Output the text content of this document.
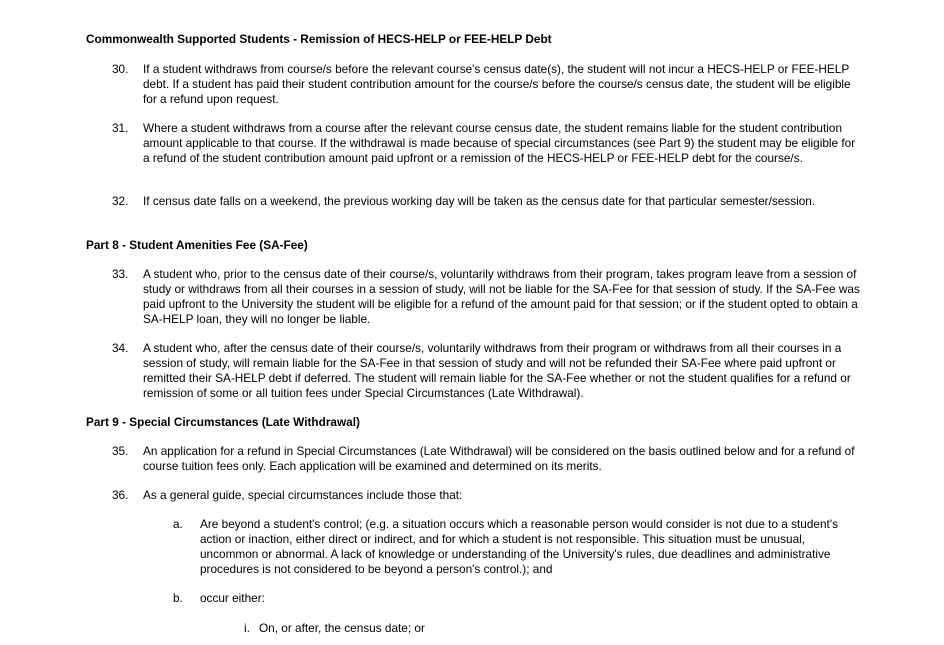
Commonwealth Supported Students - Remission of HECS-HELP or FEE-HELP Debt
30.	If a student withdraws from course/s before the relevant course's census date(s), the student will not incur a HECS-HELP or FEE-HELP debt. If a student has paid their student contribution amount for the course/s before the course/s census date, the student will be eligible for a refund upon request.
31.	Where a student withdraws from a course after the relevant course census date, the student remains liable for the student contribution amount applicable to that course. If the withdrawal is made because of special circumstances (see Part 9) the student may be eligible for a refund of the student contribution amount paid upfront or a remission of the HECS-HELP or FEE-HELP debt for the course/s.
32.	If census date falls on a weekend, the previous working day will be taken as the census date for that particular semester/session.
Part 8 - Student Amenities Fee (SA-Fee)
33.	A student who, prior to the census date of their course/s, voluntarily withdraws from their program, takes program leave from a session of study or withdraws from all their courses in a session of study, will not be liable for the SA-Fee for that session of study. If the SA-Fee was paid upfront to the University the student will be eligible for a refund of the amount paid for that session; or if the student opted to obtain a SA-HELP loan, they will no longer be liable.
34.	A student who, after the census date of their course/s, voluntarily withdraws from their program or withdraws from all their courses in a session of study, will remain liable for the SA-Fee in that session of study and will not be refunded their SA-Fee where paid upfront or remitted their SA-HELP debt if deferred. The student will remain liable for the SA-Fee whether or not the student qualifies for a refund or remission of some or all tuition fees under Special Circumstances (Late Withdrawal).
Part 9 - Special Circumstances (Late Withdrawal)
35.	An application for a refund in Special Circumstances (Late Withdrawal) will be considered on the basis outlined below and for a refund of course tuition fees only. Each application will be examined and determined on its merits.
36.	As a general guide, special circumstances include those that:
a.	Are beyond a student's control; (e.g. a situation occurs which a reasonable person would consider is not due to a student's action or inaction, either direct or indirect, and for which a student is not responsible. This situation must be unusual, uncommon or abnormal. A lack of knowledge or understanding of the University's rules, due deadlines and administrative procedures is not considered to be beyond a person's control.); and
b.	occur either:
i. On, or after, the census date; or
